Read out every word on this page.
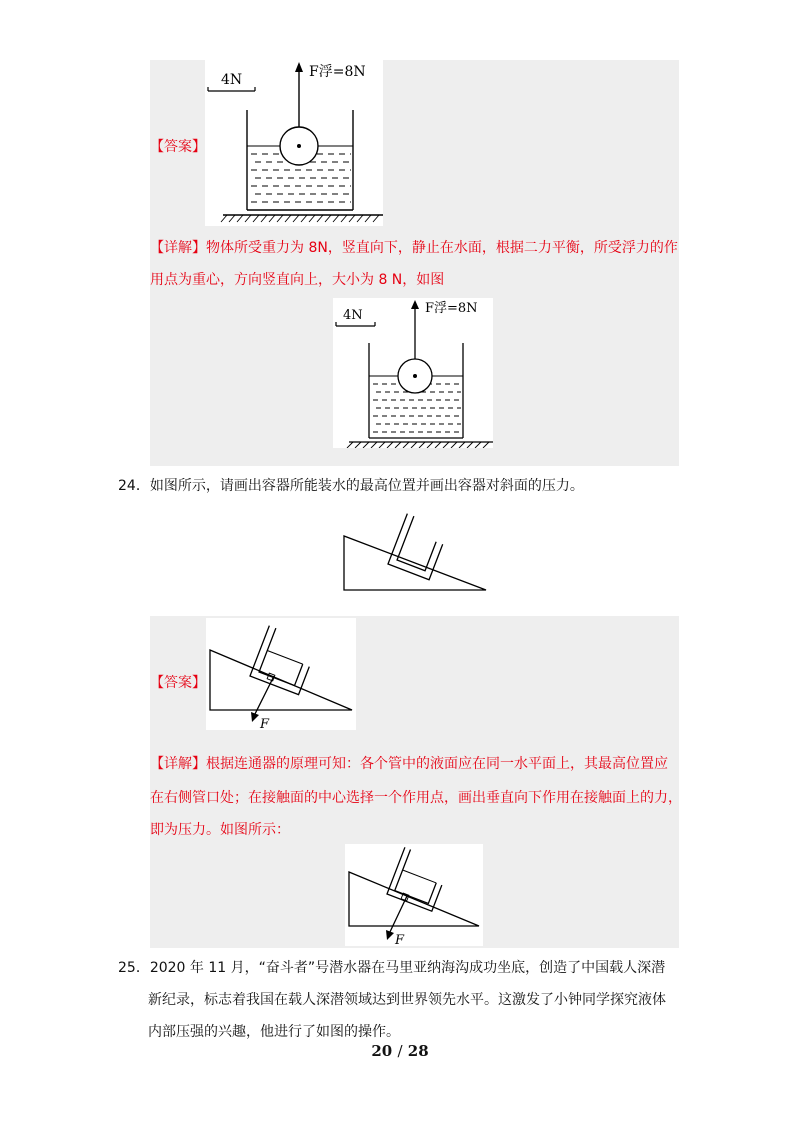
4N	F浮=8N
【答案】
【详解】物体所受重力为 8N，竖直向下，静止在水面，根据二力平衡，所受浮力的作
用点为重心，方向竖直向上，大小为 8 N，如图
4N	F浮=8N
24．如图所示，请画出容器所能装水的最高位置并画出容器对斜面的压力。
F
【答案】
【详解】根据连通器的原理可知：各个管中的液面应在同一水平面上，其最高位置应
在右侧管口处；在接触面的中心选择一个作用点，画出垂直向下作用在接触面上的力，
即为压力。如图所示：
F
25．2020 年 11 月，“奋斗者”号潜水器在马里亚纳海沟成功坐底，创造了中国载人深潜
新纪录，标志着我国在载人深潜领域达到世界领先水平。这激发了小钟同学探究液体
内部压强的兴趣，他进行了如图的操作。
20 / 28
